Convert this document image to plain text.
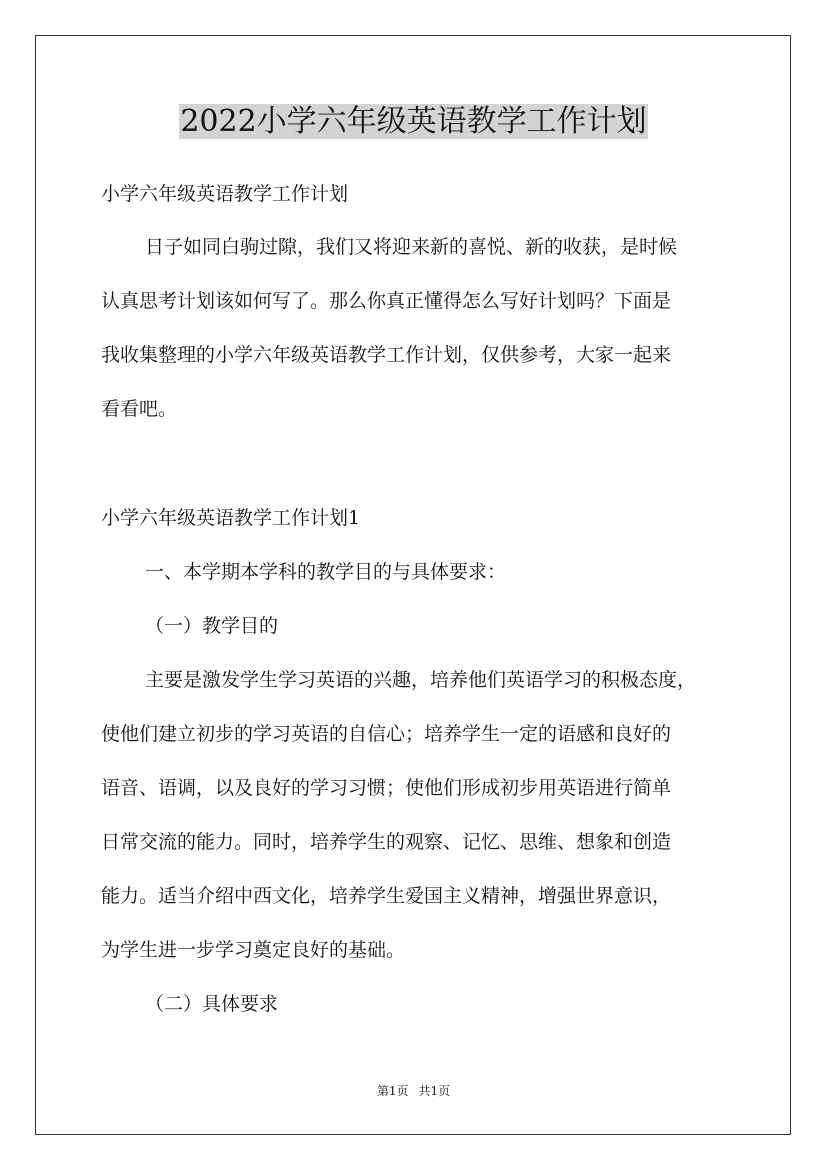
2022小学六年级英语教学工作计划

小学六年级英语教学工作计划

日子如同白驹过隙，我们又将迎来新的喜悦、新的收获，是时候

认真思考计划该如何写了。那么你真正懂得怎么写好计划吗？下面是

我收集整理的小学六年级英语教学工作计划，仅供参考，大家一起来

看看吧。

小学六年级英语教学工作计划1

一、本学期本学科的教学目的与具体要求：

（一）教学目的

主要是激发学生学习英语的兴趣，培养他们英语学习的积极态度，

使他们建立初步的学习英语的自信心；培养学生一定的语感和良好的

语音、语调，以及良好的学习习惯；使他们形成初步用英语进行简单

日常交流的能力。同时，培养学生的观察、记忆、思维、想象和创造

能力。适当介绍中西文化，培养学生爱国主义精神，增强世界意识，

为学生进一步学习奠定良好的基础。

（二）具体要求

第1页 共1页
